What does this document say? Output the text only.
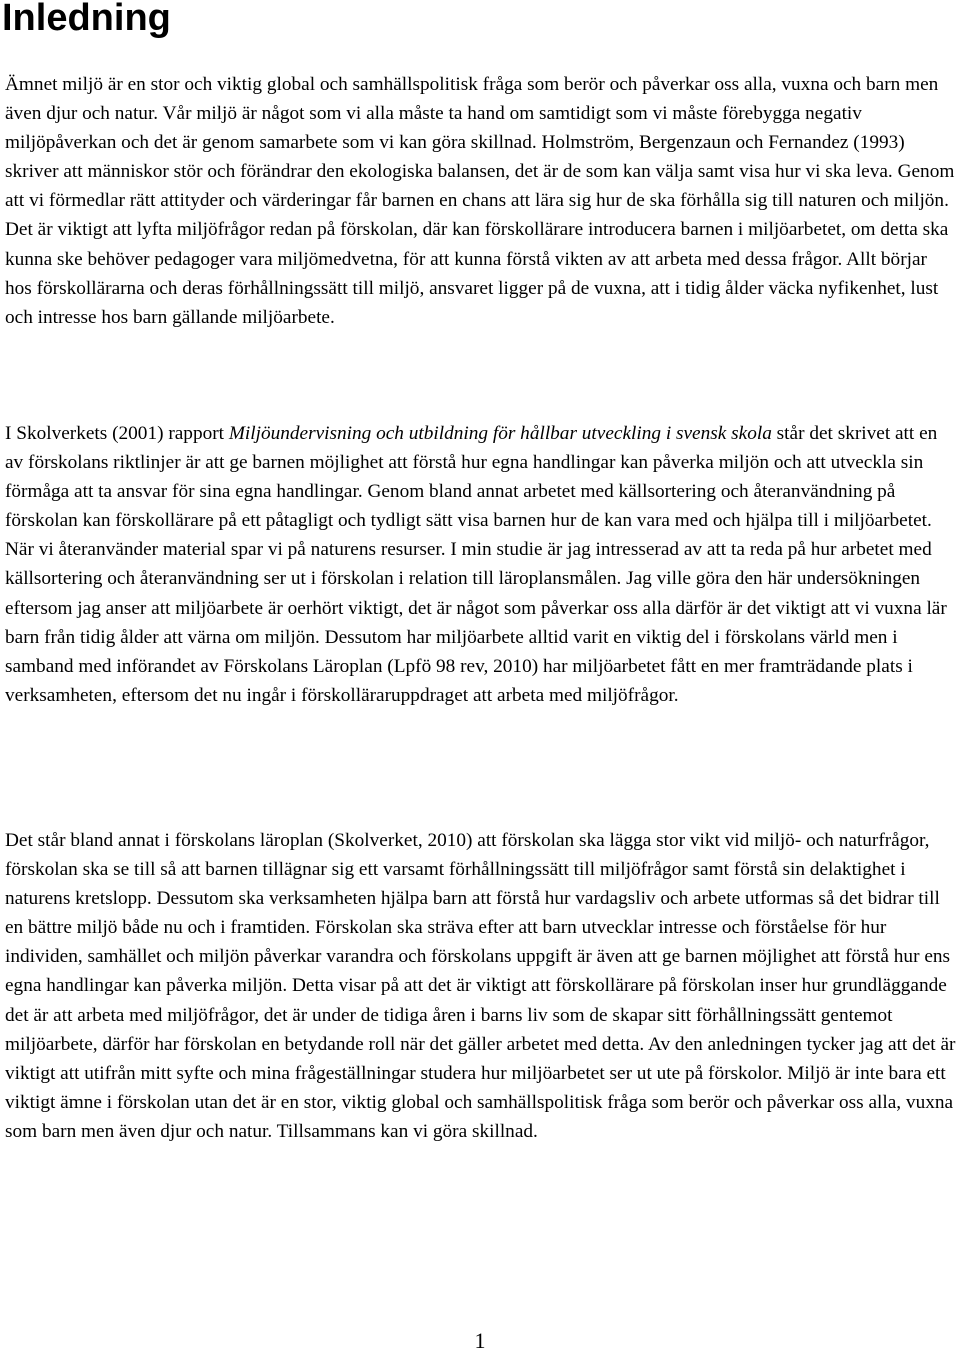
Inledning

Ämnet miljö är en stor och viktig global och samhällspolitisk fråga som berör och påverkar oss alla, vuxna och barn men även djur och natur. Vår miljö är något som vi alla måste ta hand om samtidigt som vi måste förebygga negativ miljöpåverkan och det är genom samarbete som vi kan göra skillnad. Holmström, Bergenzaun och Fernandez (1993) skriver att människor stör och förändrar den ekologiska balansen, det är de som kan välja samt visa hur vi ska leva. Genom att vi förmedlar rätt attityder och värderingar får barnen en chans att lära sig hur de ska förhålla sig till naturen och miljön. Det är viktigt att lyfta miljöfrågor redan på förskolan, där kan förskollärare introducera barnen i miljöarbetet, om detta ska kunna ske behöver pedagoger vara miljömedvetna, för att kunna förstå vikten av att arbeta med dessa frågor. Allt börjar hos förskollärarna och deras förhållningssätt till miljö, ansvaret ligger på de vuxna, att i tidig ålder väcka nyfikenhet, lust och intresse hos barn gällande miljöarbete.

I Skolverkets (2001) rapport Miljöundervisning och utbildning för hållbar utveckling i svensk skola står det skrivet att en av förskolans riktlinjer är att ge barnen möjlighet att förstå hur egna handlingar kan påverka miljön och att utveckla sin förmåga att ta ansvar för sina egna handlingar. Genom bland annat arbetet med källsortering och återanvändning på förskolan kan förskollärare på ett påtagligt och tydligt sätt visa barnen hur de kan vara med och hjälpa till i miljöarbetet. När vi återanvänder material spar vi på naturens resurser. I min studie är jag intresserad av att ta reda på hur arbetet med källsortering och återanvändning ser ut i förskolan i relation till läroplansmålen. Jag ville göra den här undersökningen eftersom jag anser att miljöarbete är oerhört viktigt, det är något som påverkar oss alla därför är det viktigt att vi vuxna lär barn från tidig ålder att värna om miljön. Dessutom har miljöarbete alltid varit en viktig del i förskolans värld men i samband med införandet av Förskolans Läroplan (Lpfö 98 rev, 2010) har miljöarbetet fått en mer framträdande plats i verksamheten, eftersom det nu ingår i förskolläraruppdraget att arbeta med miljöfrågor.

Det står bland annat i förskolans läroplan (Skolverket, 2010) att förskolan ska lägga stor vikt vid miljö- och naturfrågor, förskolan ska se till så att barnen tillägnar sig ett varsamt förhållningssätt till miljöfrågor samt förstå sin delaktighet i naturens kretslopp. Dessutom ska verksamheten hjälpa barn att förstå hur vardagsliv och arbete utformas så det bidrar till en bättre miljö både nu och i framtiden. Förskolan ska sträva efter att barn utvecklar intresse och förståelse för hur individen, samhället och miljön påverkar varandra och förskolans uppgift är även att ge barnen möjlighet att förstå hur ens egna handlingar kan påverka miljön. Detta visar på att det är viktigt att förskollärare på förskolan inser hur grundläggande det är att arbeta med miljöfrågor, det är under de tidiga åren i barns liv som de skapar sitt förhållningssätt gentemot miljöarbete, därför har förskolan en betydande roll när det gäller arbetet med detta. Av den anledningen tycker jag att det är viktigt att utifrån mitt syfte och mina frågeställningar studera hur miljöarbetet ser ut ute på förskolor. Miljö är inte bara ett viktigt ämne i förskolan utan det är en stor, viktig global och samhällspolitisk fråga som berör och påverkar oss alla, vuxna som barn men även djur och natur. Tillsammans kan vi göra skillnad.

1
